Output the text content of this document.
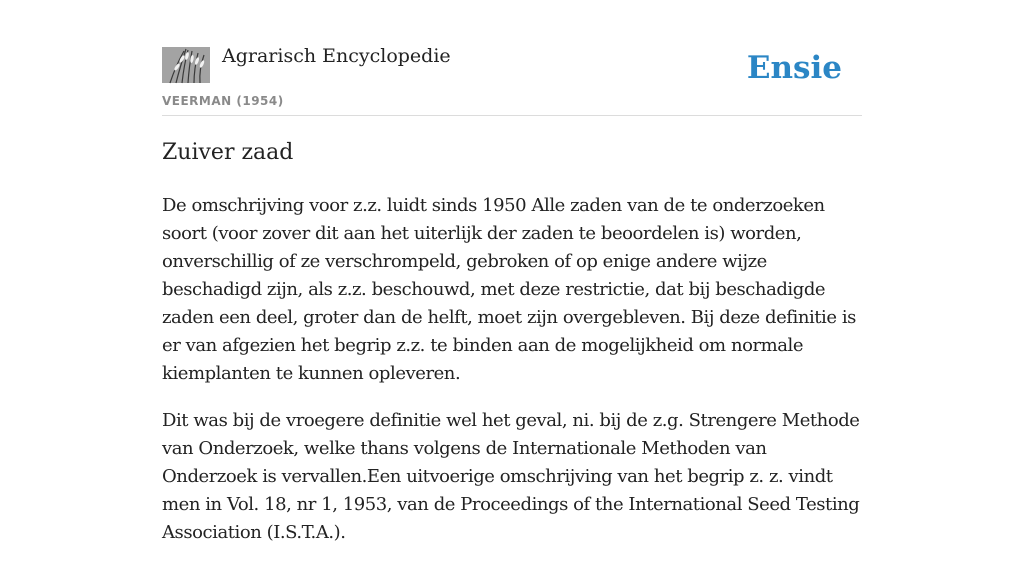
Agrarisch Encyclopedie
VEERMAN (1954)
Ensie
Zuiver zaad

De omschrijving voor z.z. luidt sinds 1950 Alle zaden van de te onderzoeken soort (voor zover dit aan het uiterlijk der zaden te beoordelen is) worden, onverschillig of ze verschrompeld, gebroken of op enige andere wijze beschadigd zijn, als z.z. beschouwd, met deze restrictie, dat bij beschadigde zaden een deel, groter dan de helft, moet zijn overgebleven. Bij deze definitie is er van afgezien het begrip z.z. te binden aan de mogelijkheid om normale kiemplanten te kunnen opleveren.

Dit was bij de vroegere definitie wel het geval, ni. bij de z.g. Strengere Methode van Onderzoek, welke thans volgens de Internationale Methoden van Onderzoek is vervallen.Een uitvoerige omschrijving van het begrip z. z. vindt men in Vol. 18, nr 1, 1953, van de Proceedings of the International Seed Testing Association (I.S.T.A.).
